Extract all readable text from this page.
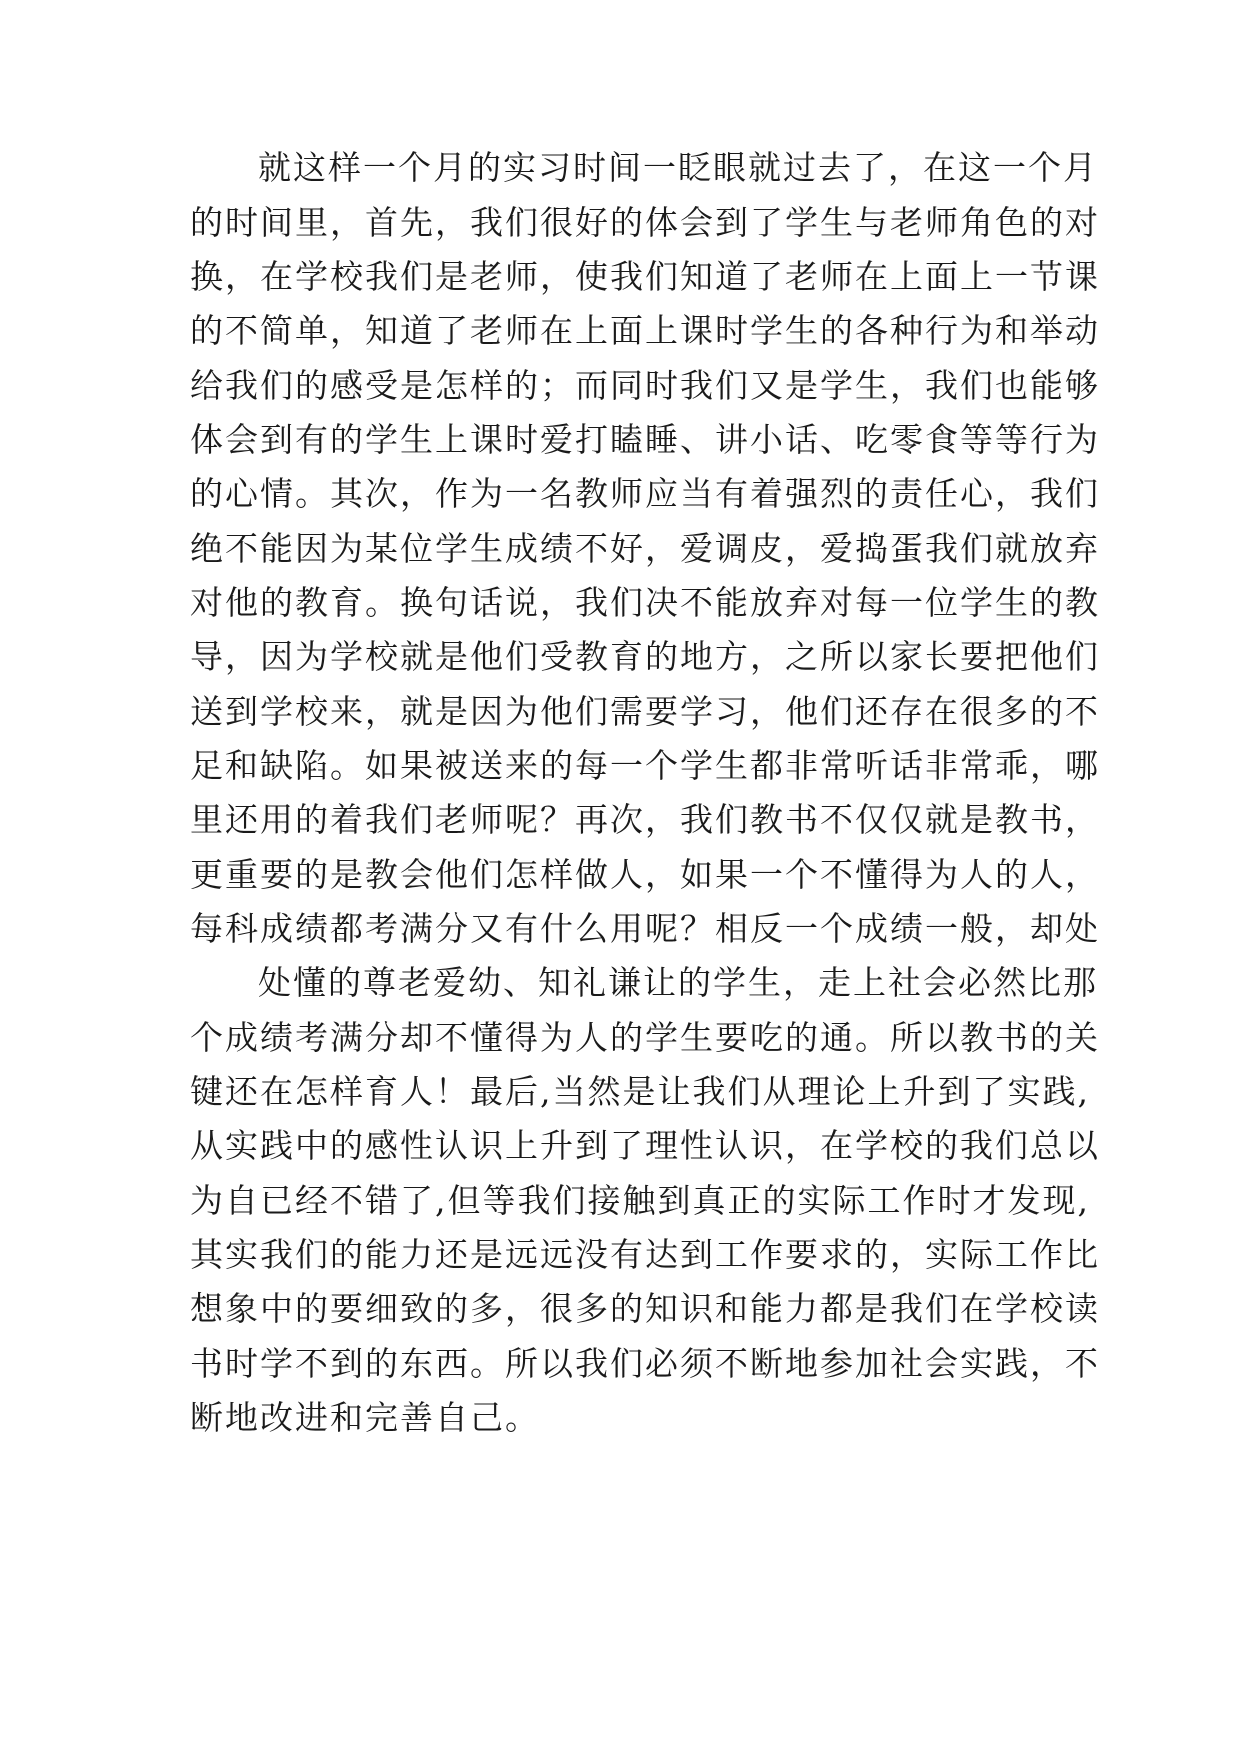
就这样一个月的实习时间一眨眼就过去了，在这一个月
的时间里，首先，我们很好的体会到了学生与老师角色的对
换，在学校我们是老师，使我们知道了老师在上面上一节课
的不简单，知道了老师在上面上课时学生的各种行为和举动
给我们的感受是怎样的；而同时我们又是学生，我们也能够
体会到有的学生上课时爱打瞌睡、讲小话、吃零食等等行为
的心情。其次，作为一名教师应当有着强烈的责任心，我们
绝不能因为某位学生成绩不好，爱调皮，爱捣蛋我们就放弃
对他的教育。换句话说，我们决不能放弃对每一位学生的教
导，因为学校就是他们受教育的地方，之所以家长要把他们
送到学校来，就是因为他们需要学习，他们还存在很多的不
足和缺陷。如果被送来的每一个学生都非常听话非常乖，哪
里还用的着我们老师呢？再次，我们教书不仅仅就是教书，
更重要的是教会他们怎样做人，如果一个不懂得为人的人，
每科成绩都考满分又有什么用呢？相反一个成绩一般，却处
处懂的尊老爱幼、知礼谦让的学生，走上社会必然比那
个成绩考满分却不懂得为人的学生要吃的通。所以教书的关
键还在怎样育人！最后,当然是让我们从理论上升到了实践,
从实践中的感性认识上升到了理性认识，在学校的我们总以
为自已经不错了,但等我们接触到真正的实际工作时才发现,
其实我们的能力还是远远没有达到工作要求的，实际工作比
想象中的要细致的多，很多的知识和能力都是我们在学校读
书时学不到的东西。所以我们必须不断地参加社会实践，不
断地改进和完善自己。
